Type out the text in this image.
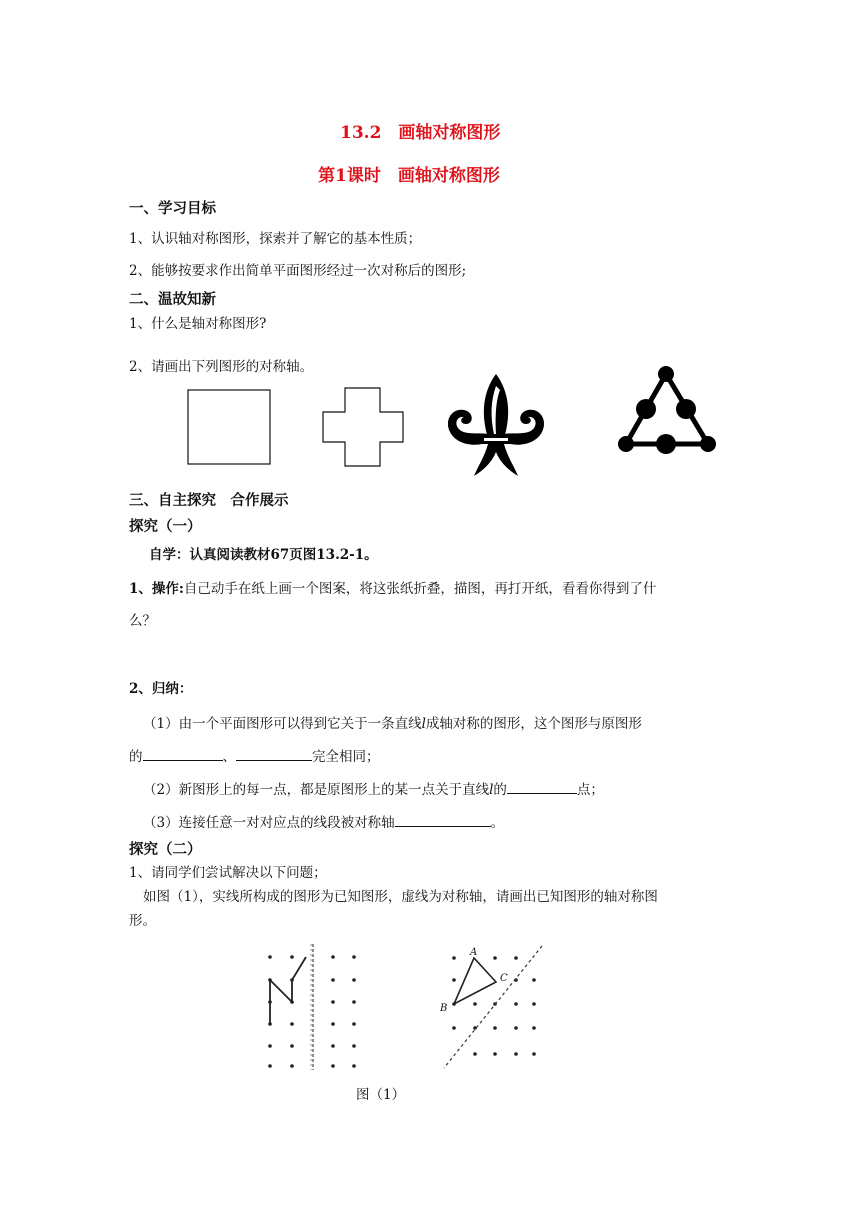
13.2　画轴对称图形
第1课时　画轴对称图形
一、学习目标
1、认识轴对称图形，探索并了解它的基本性质；
2、能够按要求作出简单平面图形经过一次对称后的图形;
二、温故知新
1、什么是轴对称图形?
2、请画出下列图形的对称轴。
三、自主探究　合作展示
探究（一）
自学：认真阅读教材67页图13.2-1。
1、操作:自己动手在纸上画一个图案，将这张纸折叠，描图，再打开纸，看看你得到了什
么？
2、归纳：
（1）由一个平面图形可以得到它关于一条直线l成轴对称的图形，这个图形与原图形
的	、	完全相同；
（2）新图形上的每一点，都是原图形上的某一点关于直线l的	点；
（3）连接任意一对对应点的线段被对称轴	。
探究（二）
1、请同学们尝试解决以下问题；
如图（1），实线所构成的图形为已知图形，虚线为对称轴，请画出已知图形的轴对称图
形。
A
B
C
图（1）
